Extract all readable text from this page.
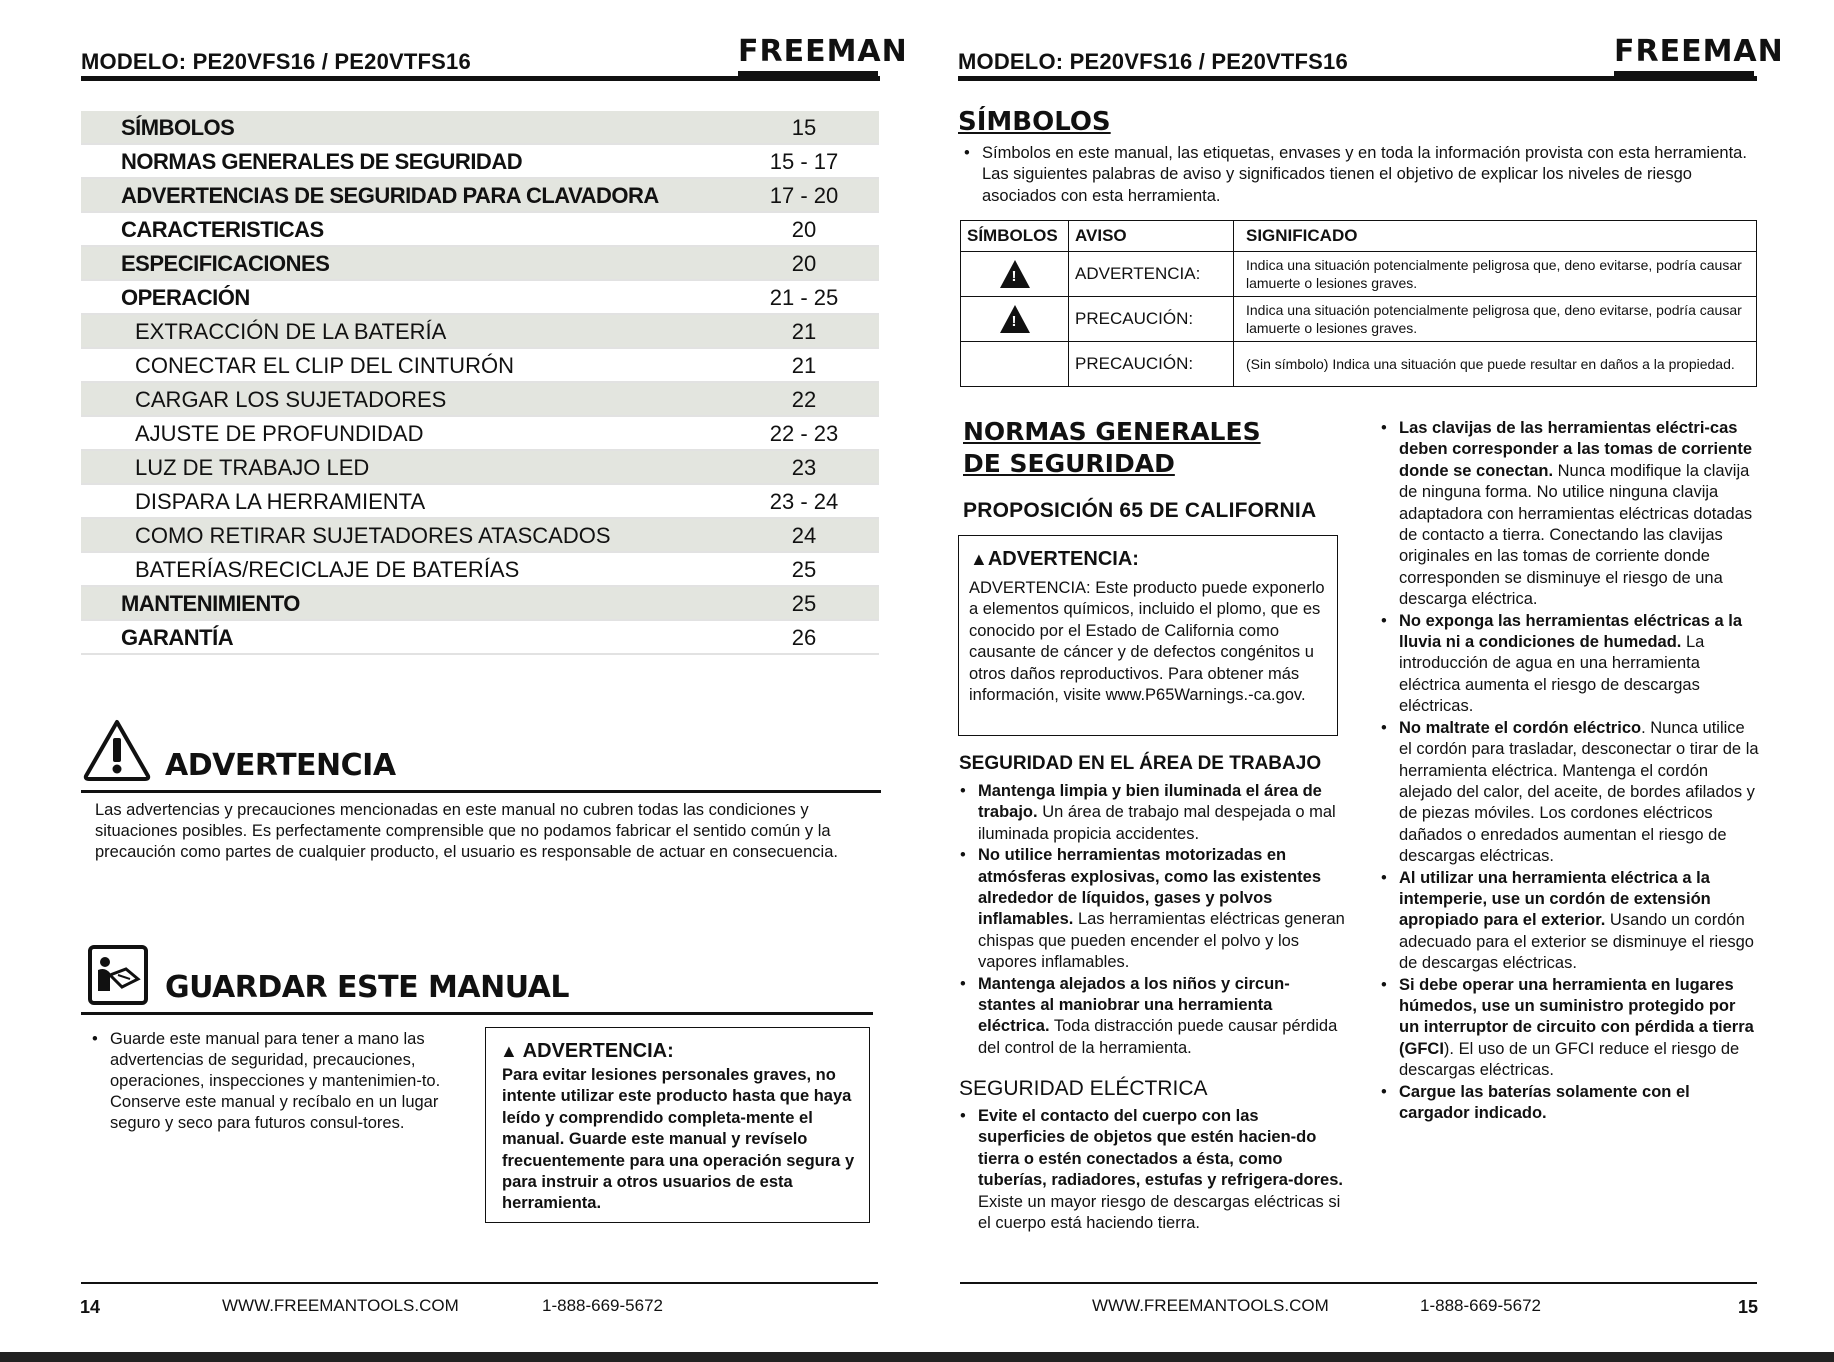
MODELO: PE20VFS16 / PE20VTFS16	FREEMAN
SÍMBOLOS	15
NORMAS GENERALES DE SEGURIDAD	15 - 17
ADVERTENCIAS DE SEGURIDAD PARA CLAVADORA	17 - 20
CARACTERISTICAS	20
ESPECIFICACIONES	20
OPERACIÓN	21 - 25
EXTRACCIÓN DE LA BATERÍA	21
CONECTAR EL CLIP DEL CINTURÓN	21
CARGAR LOS SUJETADORES	22
AJUSTE DE PROFUNDIDAD	22 - 23
LUZ DE TRABAJO LED	23
DISPARA LA HERRAMIENTA	23 - 24
COMO RETIRAR SUJETADORES ATASCADOS	24
BATERÍAS/RECICLAJE DE BATERÍAS	25
MANTENIMIENTO	25
GARANTÍA	26
ADVERTENCIA
Las advertencias y precauciones mencionadas en este manual no cubren todas las condiciones y situaciones posibles. Es perfectamente comprensible que no podamos fabricar el sentido común y la precaución como partes de cualquier producto, el usuario es responsable de actuar en consecuencia.
GUARDAR ESTE MANUAL
• Guarde este manual para tener a mano las advertencias de seguridad, precauciones, operaciones, inspecciones y mantenimien-to. Conserve este manual y recíbalo en un lugar seguro y seco para futuros consul-tores.
▲ ADVERTENCIA:
Para evitar lesiones personales graves, no intente utilizar este producto hasta que haya leído y comprendido completa-mente el manual. Guarde este manual y revíselo frecuentemente para una operación segura y para instruir a otros usuarios de esta herramienta.
14	WWW.FREEMANTOOLS.COM	1-888-669-5672
MODELO: PE20VFS16 / PE20VTFS16	FREEMAN
SÍMBOLOS
• Símbolos en este manual, las etiquetas, envases y en toda la información provista con esta herramienta. Las siguientes palabras de aviso y significados tienen el objetivo de explicar los niveles de riesgo asociados con esta herramienta.
SÍMBOLOS	AVISO	SIGNIFICADO

!	ADVERTENCIA:	Indica una situación potencialmente peligrosa que, deno evitarse, podría causar lamuerte o lesiones graves.

!	PRECAUCIÓN:	Indica una situación potencialmente peligrosa que, deno evitarse, podría causar lamuerte o lesiones graves.
	PRECAUCIÓN:	(Sin símbolo) Indica una situación que puede resultar en daños a la propiedad.
NORMAS GENERALES
DE SEGURIDAD
PROPOSICIÓN 65 DE CALIFORNIA
▲ADVERTENCIA:
ADVERTENCIA: Este producto puede exponerlo a elementos químicos, incluido el plomo, que es conocido por el Estado de California como causante de cáncer y de defectos congénitos u otros daños reproductivos. Para obtener más información, visite www.P65Warnings.-ca.gov.
SEGURIDAD EN EL ÁREA DE TRABAJO
• Mantenga limpia y bien iluminada el área de trabajo. Un área de trabajo mal despejada o mal iluminada propicia accidentes.
• No utilice herramientas motorizadas en atmósferas explosivas, como las existentes alrededor de líquidos, gases y polvos inflamables. Las herramientas eléctricas generan chispas que pueden encender el polvo y los vapores inflamables.
• Mantenga alejados a los niños y circun-stantes al maniobrar una herramienta eléctrica. Toda distracción puede causar pérdida del control de la herramienta.
SEGURIDAD ELÉCTRICA
• Evite el contacto del cuerpo con las superficies de objetos que estén hacien-do tierra o estén conectados a ésta, como tuberías, radiadores, estufas y refrigera-dores. Existe un mayor riesgo de descargas eléctricas si el cuerpo está haciendo tierra.
• Las clavijas de las herramientas eléctri-cas deben corresponder a las tomas de corriente donde se conectan. Nunca modifique la clavija de ninguna forma. No utilice ninguna clavija adaptadora con herramientas eléctricas dotadas de contacto a tierra. Conectando las clavijas originales en las tomas de corriente donde corresponden se disminuye el riesgo de una descarga eléctrica.
• No exponga las herramientas eléctricas a la lluvia ni a condiciones de humedad. La introducción de agua en una herramienta eléctrica aumenta el riesgo de descargas eléctricas.
• No maltrate el cordón eléctrico. Nunca utilice el cordón para trasladar, desconectar o tirar de la herramienta eléctrica. Mantenga el cordón alejado del calor, del aceite, de bordes afilados y de piezas móviles. Los cordones eléctricos dañados o enredados aumentan el riesgo de descargas eléctricas.
• Al utilizar una herramienta eléctrica a la intemperie, use un cordón de extensión apropiado para el exterior. Usando un cordón adecuado para el exterior se disminuye el riesgo de descargas eléctricas.
• Si debe operar una herramienta en lugares húmedos, use un suministro protegido por un interruptor de circuito con pérdida a tierra (GFCI). El uso de un GFCI reduce el riesgo de descargas eléctricas.
• Cargue las baterías solamente con el cargador indicado.
WWW.FREEMANTOOLS.COM	1-888-669-5672	15
